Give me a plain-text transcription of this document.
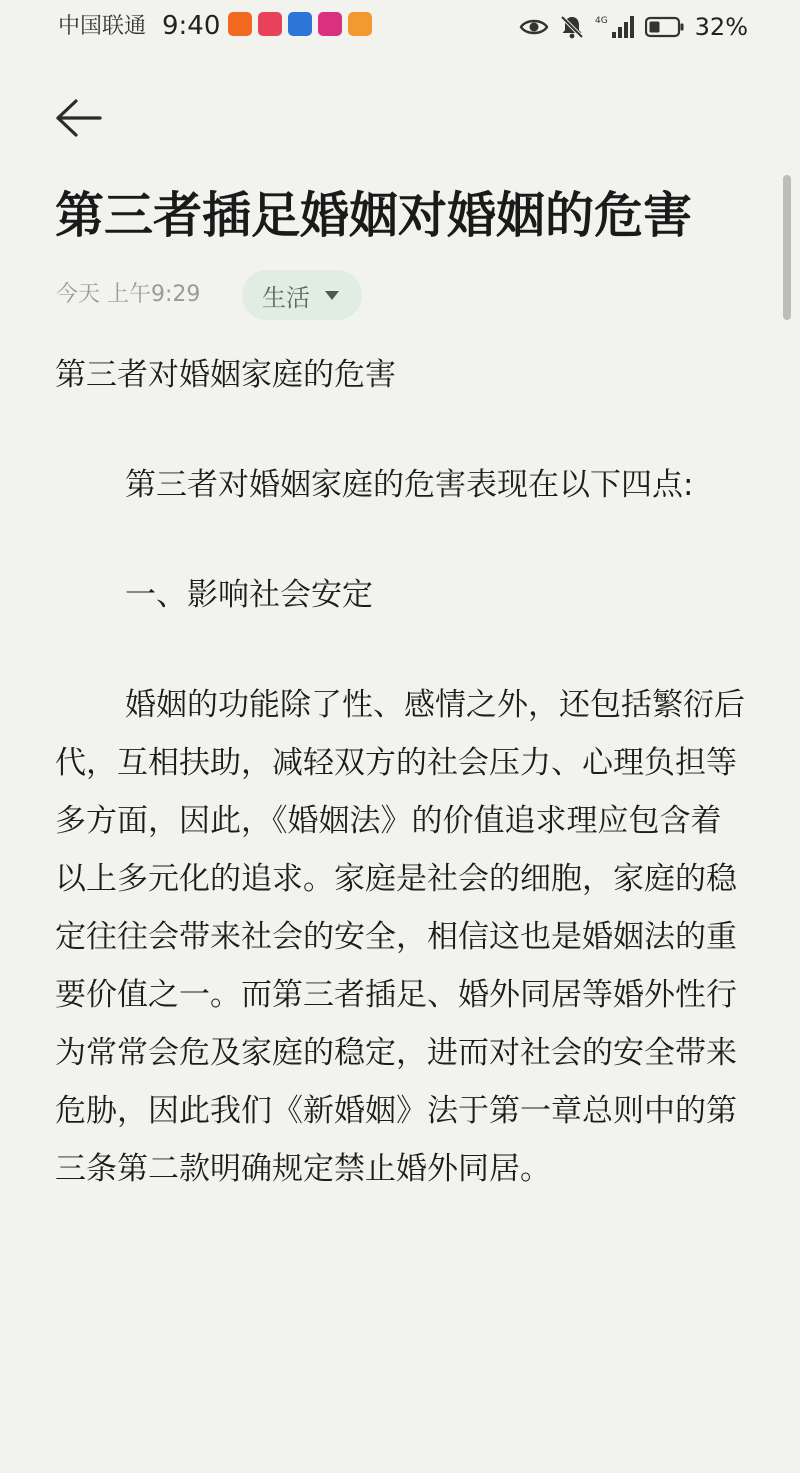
中国联通 9:40	4G	32%
第三者插足婚姻对婚姻的危害
今天 上午9:29	生活

第三者对婚姻家庭的危害

第三者对婚姻家庭的危害表现在以下四点:

一、影响社会安定

婚姻的功能除了性、感情之外，还包括繁衍后代，互相扶助，减轻双方的社会压力、心理负担等多方面，因此，《婚姻法》的价值追求理应包含着以上多元化的追求。家庭是社会的细胞，家庭的稳定往往会带来社会的安全，相信这也是婚姻法的重要价值之一。而第三者插足、婚外同居等婚外性行为常常会危及家庭的稳定，进而对社会的安全带来危胁，因此我们《新婚姻》法于第一章总则中的第三条第二款明确规定禁止婚外同居。
